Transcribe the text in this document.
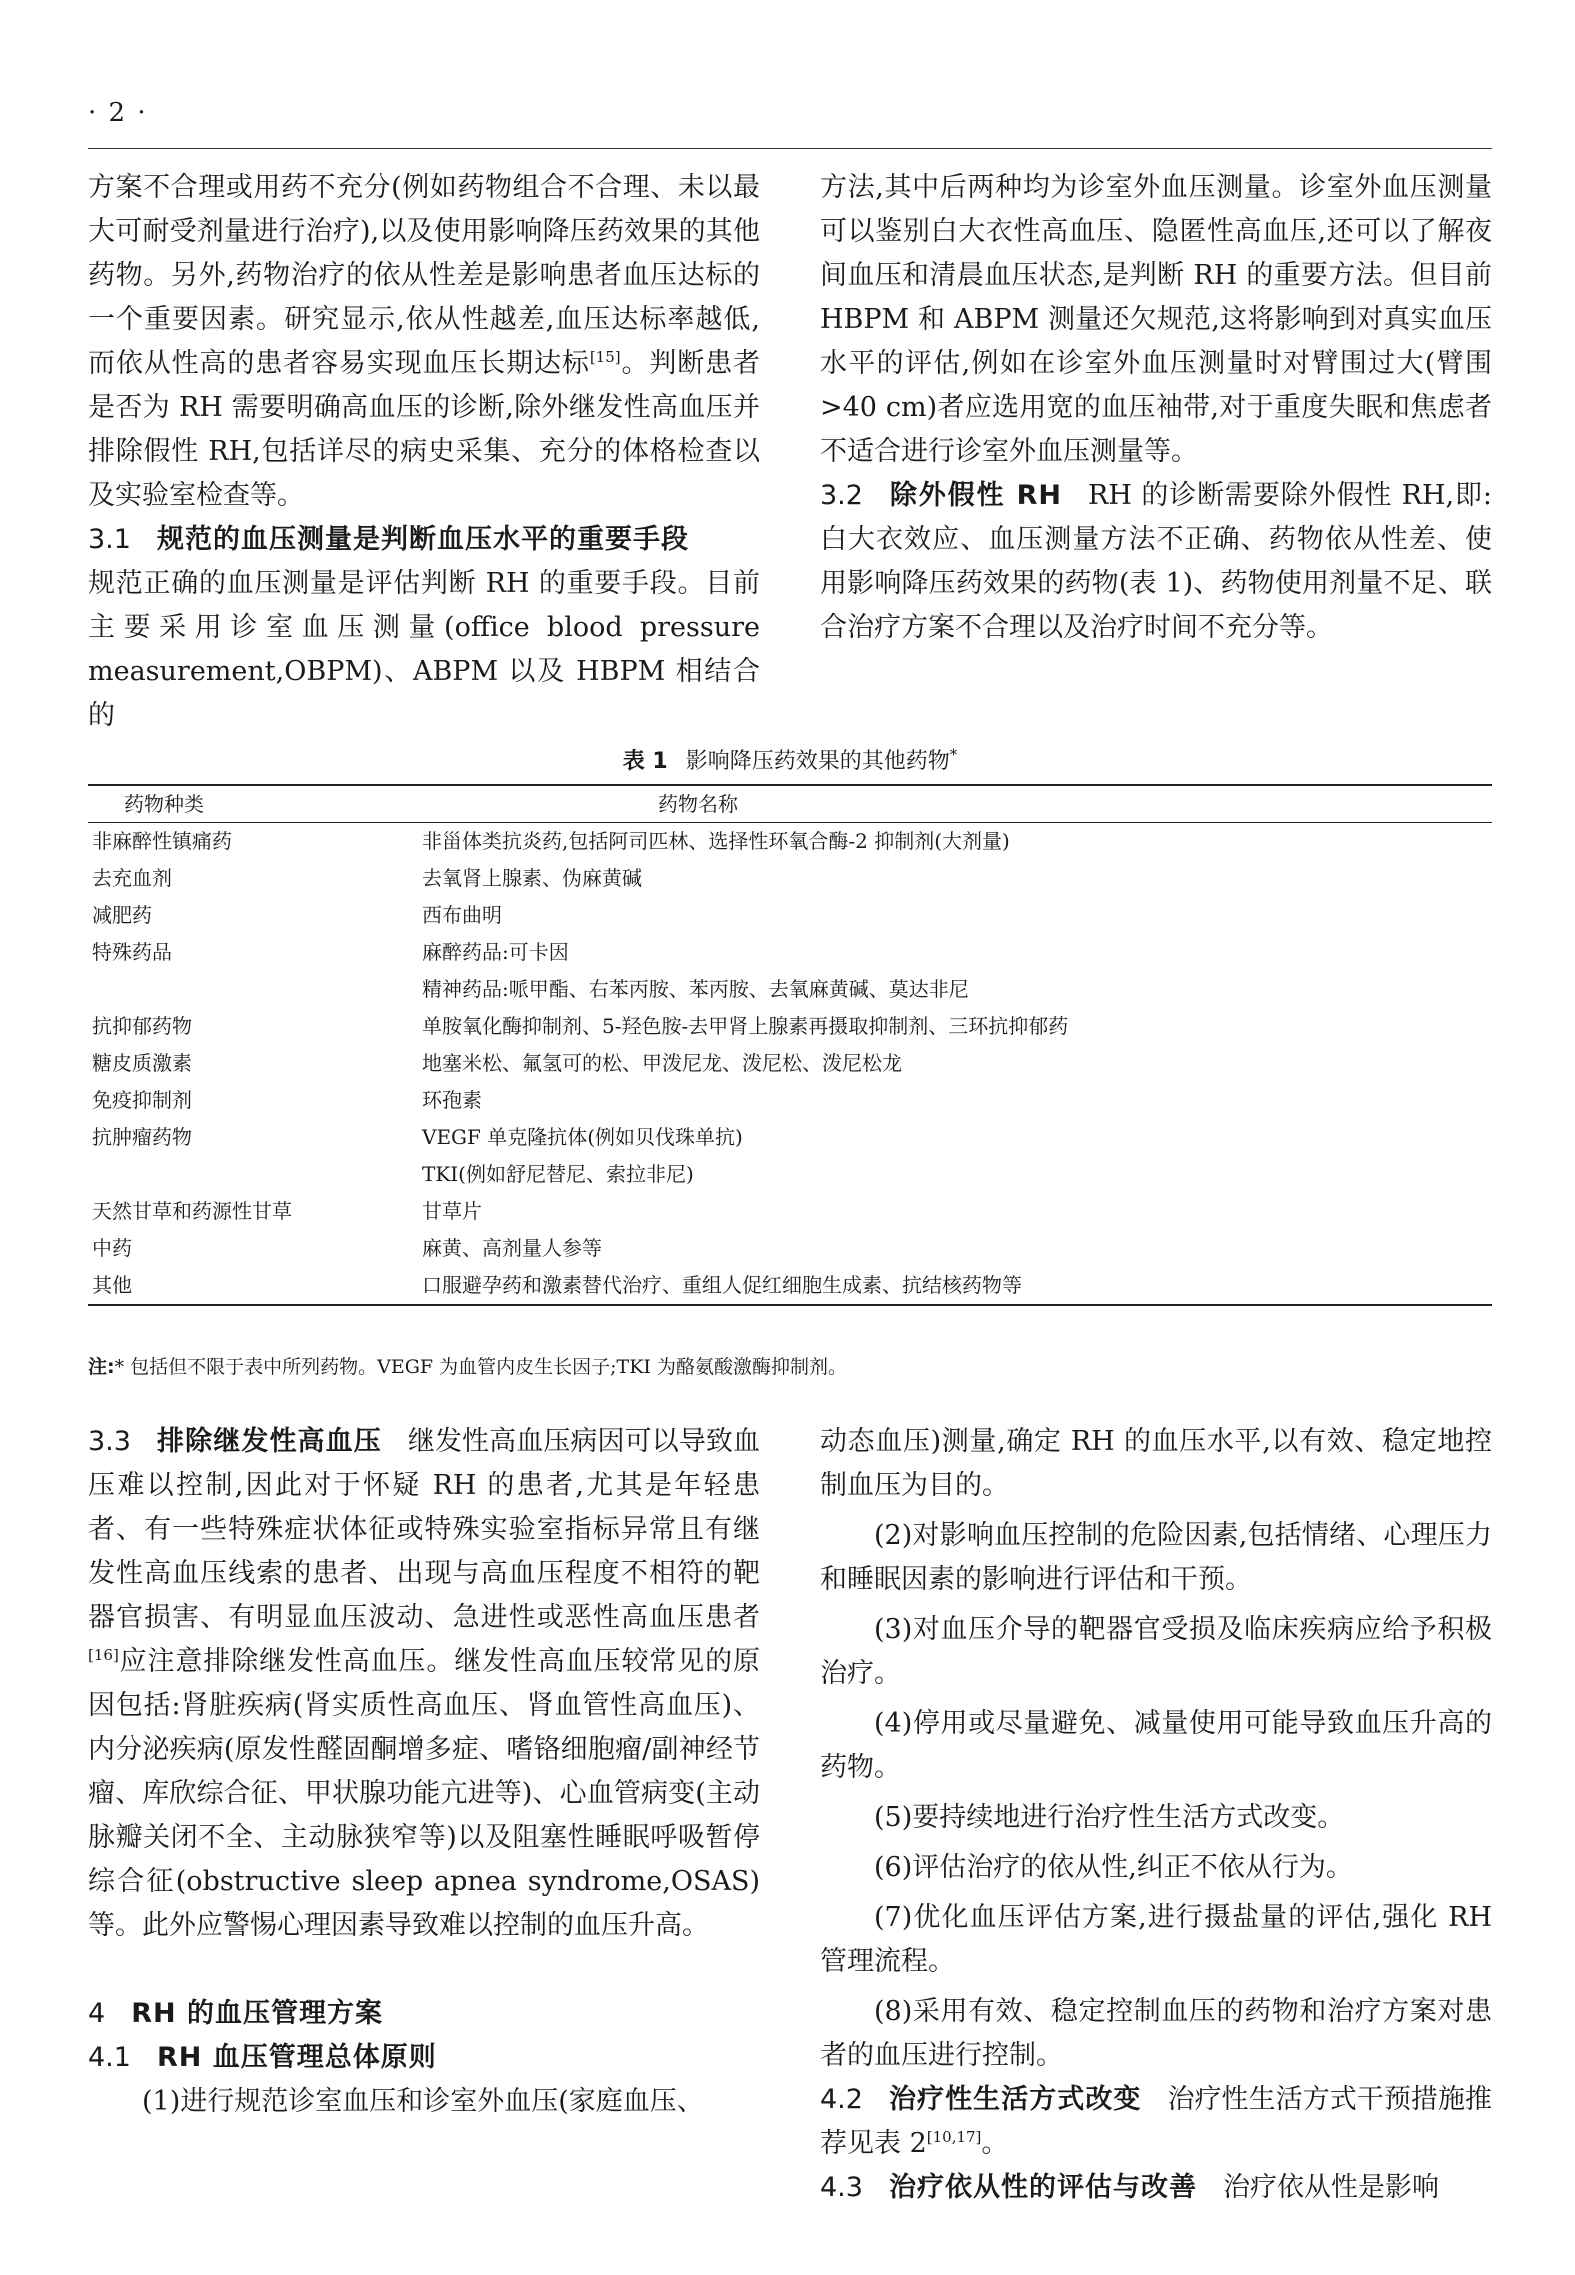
· 2 ·

方案不合理或用药不充分(例如药物组合不合理、未以最大可耐受剂量进行治疗),以及使用影响降压药效果的其他药物。另外,药物治疗的依从性差是影响患者血压达标的一个重要因素。研究显示,依从性越差,血压达标率越低,而依从性高的患者容易实现血压长期达标[15]。判断患者是否为 RH 需要明确高血压的诊断,除外继发性高血压并排除假性 RH,包括详尽的病史采集、充分的体格检查以及实验室检查等。

3.1 规范的血压测量是判断血压水平的重要手段

规范正确的血压测量是评估判断 RH 的重要手段。目前主要采用诊室血压测量(office blood pressure measurement,OBPM)、ABPM 以及 HBPM 相结合的

方法,其中后两种均为诊室外血压测量。诊室外血压测量可以鉴别白大衣性高血压、隐匿性高血压,还可以了解夜间血压和清晨血压状态,是判断 RH 的重要方法。但目前 HBPM 和 ABPM 测量还欠规范,这将影响到对真实血压水平的评估,例如在诊室外血压测量时对臂围过大(臂围>40 cm)者应选用宽的血压袖带,对于重度失眠和焦虑者不适合进行诊室外血压测量等。

3.2 除外假性 RH RH 的诊断需要除外假性 RH,即:白大衣效应、血压测量方法不正确、药物依从性差、使用影响降压药效果的药物(表 1)、药物使用剂量不足、联合治疗方案不合理以及治疗时间不充分等。

表 1 影响降压药效果的其他药物*
药物种类	药物名称
非麻醉性镇痛药	非甾体类抗炎药,包括阿司匹林、选择性环氧合酶-2 抑制剂(大剂量)
去充血剂	去氧肾上腺素、伪麻黄碱
减肥药	西布曲明
特殊药品	麻醉药品:可卡因
	精神药品:哌甲酯、右苯丙胺、苯丙胺、去氧麻黄碱、莫达非尼
抗抑郁药物	单胺氧化酶抑制剂、5-羟色胺-去甲肾上腺素再摄取抑制剂、三环抗抑郁药
糖皮质激素	地塞米松、氟氢可的松、甲泼尼龙、泼尼松、泼尼松龙
免疫抑制剂	环孢素
抗肿瘤药物	VEGF 单克隆抗体(例如贝伐珠单抗)
	TKI(例如舒尼替尼、索拉非尼)
天然甘草和药源性甘草	甘草片
中药	麻黄、高剂量人参等
其他	口服避孕药和激素替代治疗、重组人促红细胞生成素、抗结核药物等
注:* 包括但不限于表中所列药物。VEGF 为血管内皮生长因子;TKI 为酪氨酸激酶抑制剂。

3.3 排除继发性高血压 继发性高血压病因可以导致血压难以控制,因此对于怀疑 RH 的患者,尤其是年轻患者、有一些特殊症状体征或特殊实验室指标异常且有继发性高血压线索的患者、出现与高血压程度不相符的靶器官损害、有明显血压波动、急进性或恶性高血压患者[16]应注意排除继发性高血压。继发性高血压较常见的原因包括:肾脏疾病(肾实质性高血压、肾血管性高血压)、内分泌疾病(原发性醛固酮增多症、嗜铬细胞瘤/副神经节瘤、库欣综合征、甲状腺功能亢进等)、心血管病变(主动脉瓣关闭不全、主动脉狭窄等)以及阻塞性睡眠呼吸暂停综合征(obstructive sleep apnea syndrome,OSAS)等。此外应警惕心理因素导致难以控制的血压升高。

4 RH 的血压管理方案

4.1 RH 血压管理总体原则

(1)进行规范诊室血压和诊室外血压(家庭血压、

动态血压)测量,确定 RH 的血压水平,以有效、稳定地控制血压为目的。

(2)对影响血压控制的危险因素,包括情绪、心理压力和睡眠因素的影响进行评估和干预。

(3)对血压介导的靶器官受损及临床疾病应给予积极治疗。

(4)停用或尽量避免、减量使用可能导致血压升高的药物。

(5)要持续地进行治疗性生活方式改变。

(6)评估治疗的依从性,纠正不依从行为。

(7)优化血压评估方案,进行摄盐量的评估,强化 RH 管理流程。

(8)采用有效、稳定控制血压的药物和治疗方案对患者的血压进行控制。

4.2 治疗性生活方式改变 治疗性生活方式干预措施推荐见表 2[10,17]。

4.3 治疗依从性的评估与改善 治疗依从性是影响
